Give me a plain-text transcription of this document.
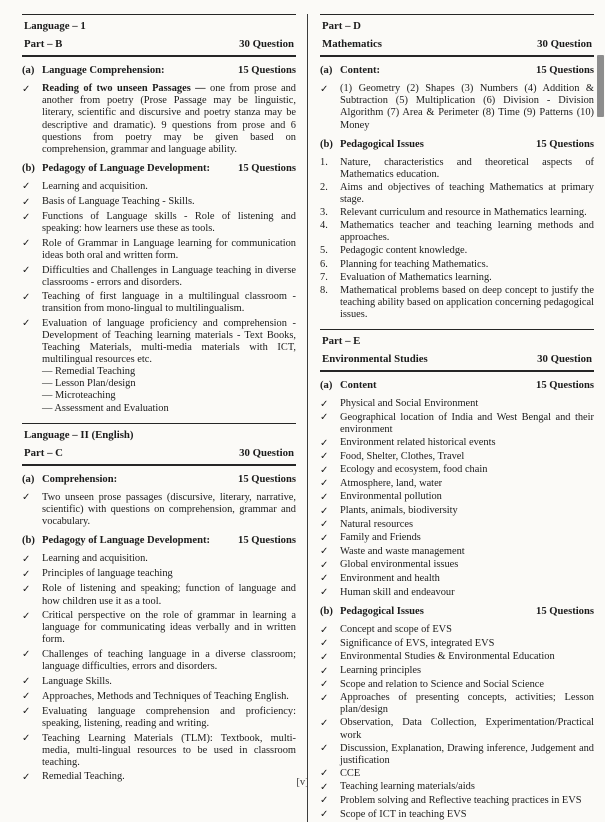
Language – 1
Part – B	30 Question
(a) Language Comprehension:	15 Questions
✓	Reading of two unseen Passages — one from prose and another from poetry (Prose Passage may be linguistic, literary, scientific and discursive and poetry stanza may be descriptive and dramatic). 9 questions from prose and 6 questions from poetry may be given based on comprehension, grammar and language ability.
(b) Pedagogy of Language Development:	15 Questions
✓	Learning and acquisition.
✓	Basis of Language Teaching - Skills.
✓	Functions of Language skills - Role of listening and speaking: how learners use these as tools.
✓	Role of Grammar in Language learning for communication ideas both oral and written form.
✓	Difficulties and Challenges in Language teaching in diverse classrooms - errors and disorders.
✓	Teaching of first language in a multilingual classroom - transition from mono-lingual to multilingualism.
✓	Evaluation of language proficiency and comprehension - Development of Teaching learning materials - Text Books, Teaching Materials, multi-media materials with ICT, multilingual resources etc.
— Remedial Teaching
— Lesson Plan/design
— Microteaching
— Assessment and Evaluation
Language – II (English)
Part – C	30 Question
(a) Comprehension:	15 Questions
✓	Two unseen prose passages (discursive, literary, narrative, scientific) with questions on comprehension, grammar and vocabulary.
(b) Pedagogy of Language Development:	15 Questions
✓	Learning and acquisition.
✓	Principles of language teaching
✓	Role of listening and speaking; function of language and how children use it as a tool.
✓	Critical perspective on the role of grammar in learning a language for communicating ideas verbally and in written form.
✓	Challenges of teaching language in a diverse classroom; language difficulties, errors and disorders.
✓	Language Skills.
✓	Approaches, Methods and Techniques of Teaching English.
✓	Evaluating language comprehension and proficiency: speaking, listening, reading and writing.
✓	Teaching Learning Materials (TLM): Textbook, multi-media, multi-lingual resources to be used in classroom teaching.
✓	Remedial Teaching.
Part – D
Mathematics	30 Question
(a) Content:	15 Questions
✓	(1) Geometry (2) Shapes (3) Numbers (4) Addition & Subtraction (5) Multiplication (6) Division - Division Algorithm (7) Area & Perimeter (8) Time (9) Patterns (10) Money
(b) Pedagogical Issues	15 Questions
1.	Nature, characteristics and theoretical aspects of Mathematics education.
2.	Aims and objectives of teaching Mathematics at primary stage.
3.	Relevant curriculum and resource in Mathematics learning.
4.	Mathematics teacher and teaching learning methods and approaches.
5.	Pedagogic content knowledge.
6.	Planning for teaching Mathematics.
7.	Evaluation of Mathematics learning.
8.	Mathematical problems based on deep concept to justify the teaching ability based on application concerning pedagogical issues.
Part – E
Environmental Studies	30 Question
(a) Content	15 Questions
✓	Physical and Social Environment
✓	Geographical location of India and West Bengal and their environment
✓	Environment related historical events
✓	Food, Shelter, Clothes, Travel
✓	Ecology and ecosystem, food chain
✓	Atmosphere, land, water
✓	Environmental pollution
✓	Plants, animals, biodiversity
✓	Natural resources
✓	Family and Friends
✓	Waste and waste management
✓	Global environmental issues
✓	Environment and health
✓	Human skill and endeavour
(b) Pedagogical Issues	15 Questions
✓	Concept and scope of EVS
✓	Significance of EVS, integrated EVS
✓	Environmental Studies & Environmental Education
✓	Learning principles
✓	Scope and relation to Science and Social Science
✓	Approaches of presenting concepts, activities; Lesson plan/design
✓	Observation, Data Collection, Experimentation/Practical work
✓	Discussion, Explanation, Drawing inference, Judgement and justification
✓	CCE
✓	Teaching learning materials/aids
✓	Problem solving and Reflective teaching practices in EVS
✓	Scope of ICT in teaching EVS
[v]
